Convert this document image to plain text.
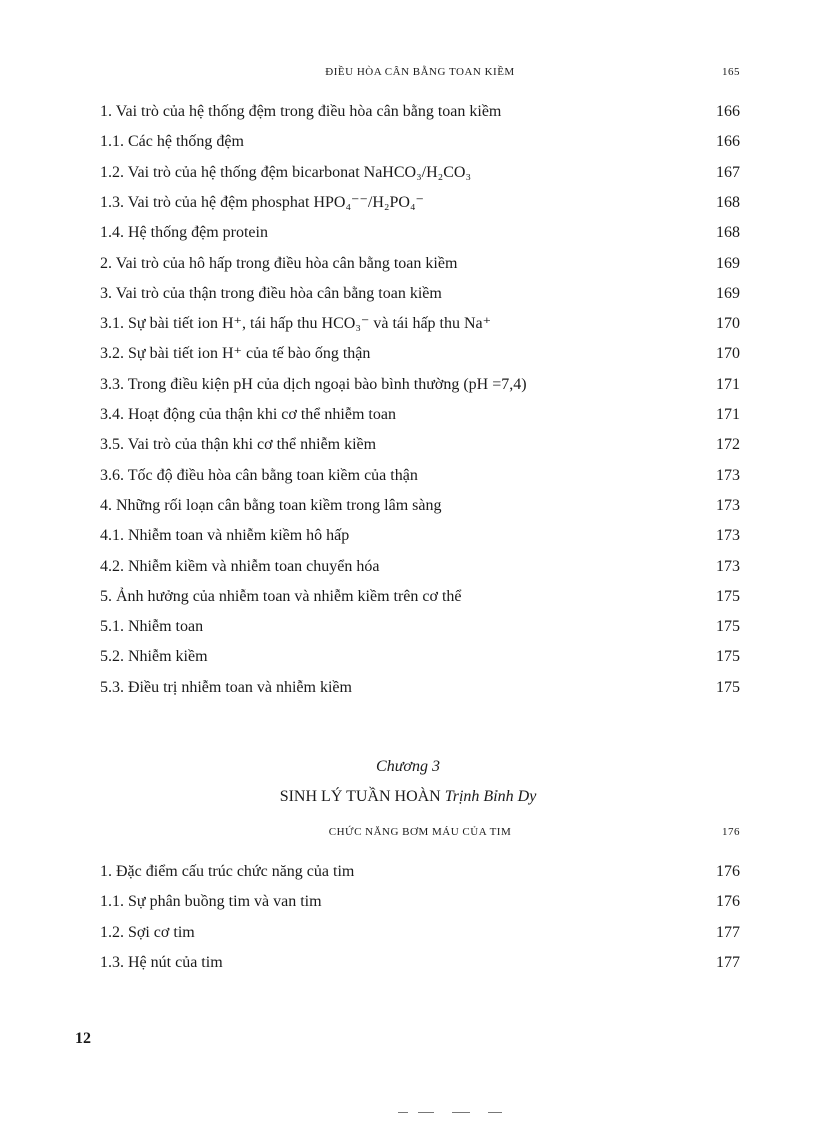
ĐIỀU HÒA CÂN BẰNG TOAN KIỀM	165
1. Vai trò của hệ thống đệm trong điều hòa cân bằng toan kiềm	166
1.1. Các hệ thống đệm	166
1.2. Vai trò của hệ thống đệm bicarbonat NaHCO₃/H₂CO₃	167
1.3. Vai trò của hệ đệm phosphat HPO₄⁻⁻/H₂PO₄⁻	168
1.4. Hệ thống đệm protein	168
2. Vai trò của hô hấp trong điều hòa cân bằng toan kiềm	169
3. Vai trò của thận trong điều hòa cân bằng toan kiềm	169
3.1. Sự bài tiết ion H⁺, tái hấp thu HCO₃⁻ và tái hấp thu Na⁺	170
3.2. Sự bài tiết ion H⁺ của tế bào ống thận	170
3.3. Trong điều kiện pH của dịch ngoại bào bình thường (pH =7,4)	171
3.4. Hoạt động của thận khi cơ thể nhiễm toan	171
3.5. Vai trò của thận khi cơ thể nhiễm kiềm	172
3.6. Tốc độ điều hòa cân bằng toan kiềm của thận	173
4. Những rối loạn cân bằng toan kiềm trong lâm sàng	173
4.1. Nhiễm toan và nhiễm kiềm hô hấp	173
4.2. Nhiễm kiềm và nhiễm toan chuyển hóa	173
5. Ảnh hưởng của nhiễm toan và nhiễm kiềm trên cơ thể	175
5.1. Nhiễm toan	175
5.2. Nhiễm kiềm	175
5.3. Điều trị nhiễm toan và nhiễm kiềm	175
Chương 3
SINH LÝ TUẦN HOÀN Trịnh Bỉnh Dy
CHỨC NĂNG BƠM MÁU CỦA TIM	176
1. Đặc điểm cấu trúc chức năng của tim	176
1.1. Sự phân buồng tim và van tim	176
1.2. Sợi cơ tim	177
1.3. Hệ nút của tim	177
12
